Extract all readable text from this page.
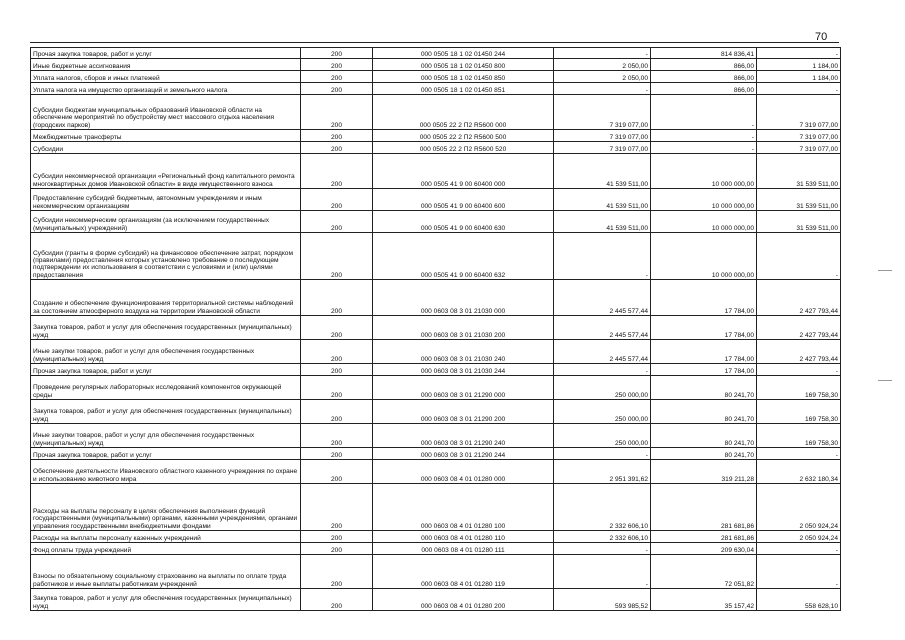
70
Прочая закупка товаров, работ и услуг	200	000 0505 18 1 02 01450 244	-	814 836,41	-
Иные бюджетные ассигнования	200	000 0505 18 1 02 01450 800	2 050,00	866,00	1 184,00
Уплата налогов, сборов и иных платежей	200	000 0505 18 1 02 01450 850	2 050,00	866,00	1 184,00
Уплата налога на имущество организаций и земельного налога	200	000 0505 18 1 02 01450 851	-	866,00	-
Субсидии бюджетам муниципальных образований Ивановской области на обеспечение мероприятий по обустройству мест массового отдыха населения (городских парков)	200	000 0505 22 2 П2 R5600 000	7 319 077,00	-	7 319 077,00
Межбюджетные трансферты	200	000 0505 22 2 П2 R5600 500	7 319 077,00	-	7 319 077,00
Субсидии	200	000 0505 22 2 П2 R5600 520	7 319 077,00	-	7 319 077,00
Субсидии некоммерческой организации «Региональный фонд капитального ремонта многоквартирных домов Ивановской области» в виде имущественного взноса	200	000 0505 41 9 00 60400 000	41 539 511,00	10 000 000,00	31 539 511,00
Предоставление субсидий бюджетным, автономным учреждениям и иным некоммерческим организациям	200	000 0505 41 9 00 60400 600	41 539 511,00	10 000 000,00	31 539 511,00
Субсидии некоммерческим организациям (за исключением государственных (муниципальных) учреждений)	200	000 0505 41 9 00 60400 630	41 539 511,00	10 000 000,00	31 539 511,00
Субсидии (гранты в форме субсидий) на финансовое обеспечение затрат, порядком (правилами) предоставления которых установлено требование о последующем подтверждении их использования в соответствии с условиями и (или) целями предоставления	200	000 0505 41 9 00 60400 632	-	10 000 000,00	-
Создание и обеспечение функционирования территориальной системы наблюдений за состоянием атмосферного воздуха на территории Ивановской области	200	000 0603 08 3 01 21030 000	2 445 577,44	17 784,00	2 427 793,44
Закупка товаров, работ и услуг для обеспечения государственных (муниципальных) нужд	200	000 0603 08 3 01 21030 200	2 445 577,44	17 784,00	2 427 793,44
Иные закупки товаров, работ и услуг для обеспечения государственных (муниципальных) нужд	200	000 0603 08 3 01 21030 240	2 445 577,44	17 784,00	2 427 793,44
Прочая закупка товаров, работ и услуг	200	000 0603 08 3 01 21030 244	-	17 784,00	-
Проведение регулярных лабораторных исследований компонентов окружающей среды	200	000 0603 08 3 01 21290 000	250 000,00	80 241,70	169 758,30
Закупка товаров, работ и услуг для обеспечения государственных (муниципальных) нужд	200	000 0603 08 3 01 21290 200	250 000,00	80 241,70	169 758,30
Иные закупки товаров, работ и услуг для обеспечения государственных (муниципальных) нужд	200	000 0603 08 3 01 21290 240	250 000,00	80 241,70	169 758,30
Прочая закупка товаров, работ и услуг	200	000 0603 08 3 01 21290 244	-	80 241,70	-
Обеспечение деятельности Ивановского областного казенного учреждения по охране и использованию животного мира	200	000 0603 08 4 01 01280 000	2 951 391,62	319 211,28	2 632 180,34
Расходы на выплаты персоналу в целях обеспечения выполнения функций государственными (муниципальными) органами, казенными учреждениями, органами управления государственными внебюджетными фондами	200	000 0603 08 4 01 01280 100	2 332 606,10	281 681,86	2 050 924,24
Расходы на выплаты персоналу казенных учреждений	200	000 0603 08 4 01 01280 110	2 332 606,10	281 681,86	2 050 924,24
Фонд оплаты труда учреждений	200	000 0603 08 4 01 01280 111	-	209 630,04	-
Взносы по обязательному социальному страхованию на выплаты по оплате труда работников и иные выплаты работникам учреждений	200	000 0603 08 4 01 01280 119	-	72 051,82	-
Закупка товаров, работ и услуг для обеспечения государственных (муниципальных) нужд	200	000 0603 08 4 01 01280 200	593 985,52	35 157,42	558 628,10
